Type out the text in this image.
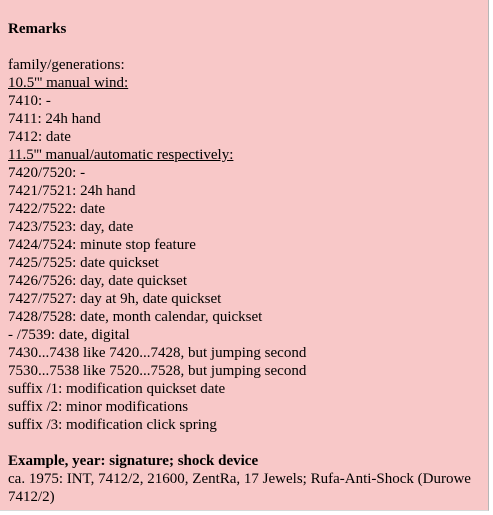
Remarks
family/generations:
10.5''' manual wind:
7410: -
7411: 24h hand
7412: date
11.5''' manual/automatic respectively:
7420/7520: -
7421/7521: 24h hand
7422/7522: date
7423/7523: day, date
7424/7524: minute stop feature
7425/7525: date quickset
7426/7526: day, date quickset
7427/7527: day at 9h, date quickset
7428/7528: date, month calendar, quickset
- /7539: date, digital
7430...7438 like 7420...7428, but jumping second
7530...7538 like 7520...7528, but jumping second
suffix /1: modification quickset date
suffix /2: minor modifications
suffix /3: modification click spring
Example, year: signature; shock device
ca. 1975: INT, 7412/2, 21600, ZentRa, 17 Jewels; Rufa-Anti-Shock (Durowe 7412/2)
